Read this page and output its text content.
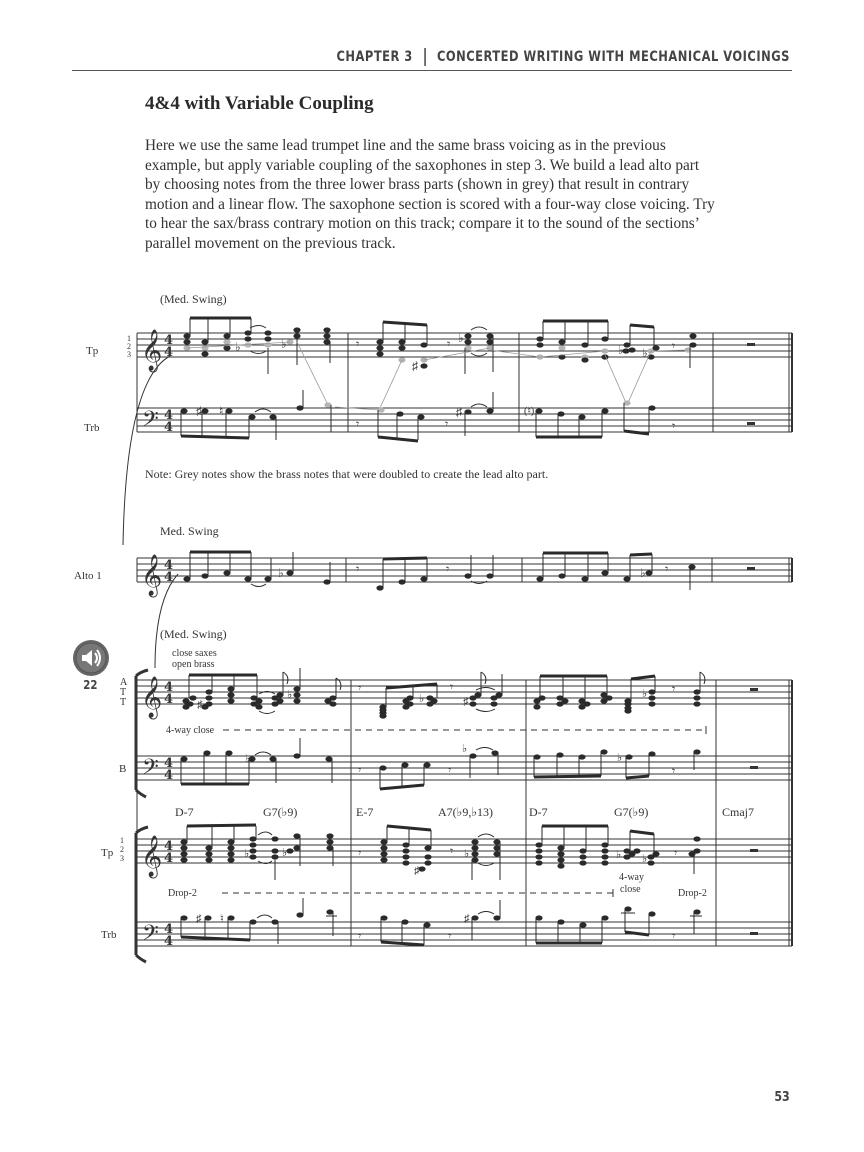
CHAPTER 3 CONCERTED WRITING WITH MECHANICAL VOICINGS
4&4 with Variable Coupling
Here we use the same lead trumpet line and the same brass voicing as in the previous example, but apply variable coupling of the saxophones in step 3. We build a lead alto part by choosing notes from the three lower brass parts (shown in grey) that result in contrary motion and a linear flow. The saxophone section is scored with a four-way close voicing. Try to hear the sax/brass contrary motion on this track; compare it to the sound of the sections’ parallel movement on the previous track.
22
53
(Med. Swing)
Tp
1
2
3
Trb
Note: Grey notes show the brass notes that were doubled to create the lead alto part.
𝄞
𝄢
4
4
4
4
𝄾	𝄾	𝄾
♭
♭
♭
♯
♭ ♭
♯ ♮	♯	(♮)
𝄾	𝄾	𝄾
Med. Swing
Alto 1 𝄞 4
4	♭	♭
𝄾	𝄾	𝄾
(Med. Swing)
close saxes
open brass
A
T
T
B
4-way close
Tp
1
2
3
Trb
Drop-2
4-way
close	Drop-2
D-7	G7(♭9)	E-7	A7(♭9,♭13)	D-7	G7(♭9)	Cmaj7
𝄞 4
4
𝄢 4
4
𝄞 4
4
𝄢 4
4
♯
♭	♭	♯
♭
𝄾	𝄾	𝄾
♭
♭
♭
𝄾	𝄾	𝄾
♭	♭
♯
♭	♭ ♭
𝄾	𝄾	𝄾
♯ ♮	♯
𝄾	𝄾	𝄾
